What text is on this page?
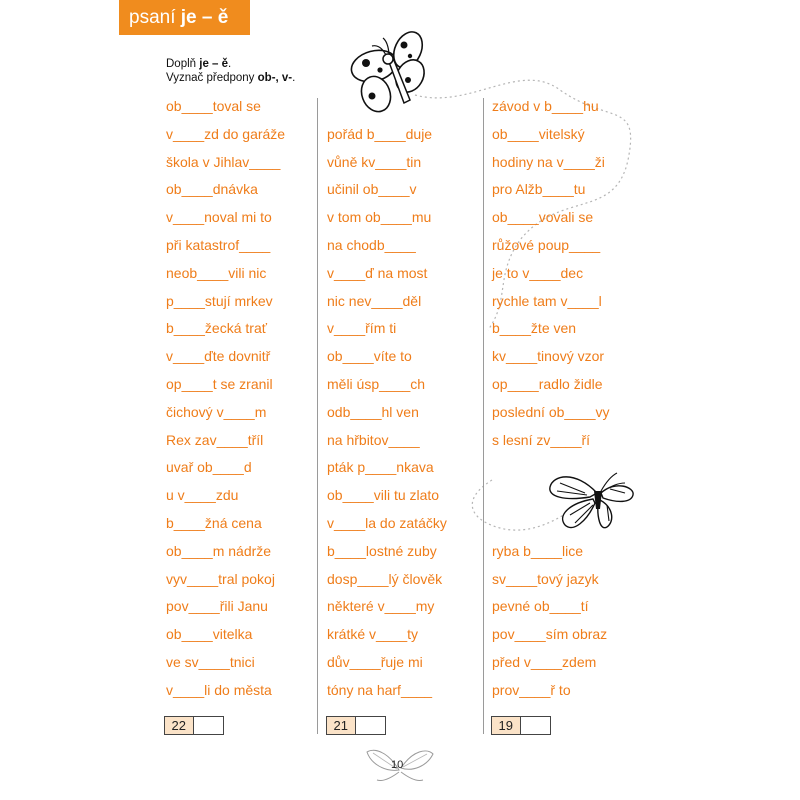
psaní je – ě
Doplň je – ě.
Vyznač předpony ob-, v-.
ob____toval se
v____zd do garáže
škola v Jihlav____
ob____dnávka
v____noval mi to
při katastrof____
neob____vili nic
p____stují mrkev
b____žecká trať
v____ďte dovnitř
op____t se zranil
čichový v____m
Rex zav____tříl
uvař ob____d
u v____zdu
b____žná cena
ob____m nádrže
vyv____tral pokoj
pov____řili Janu
ob____vitelka
ve sv____tnici
v____li do města
pořád b____duje
vůně kv____tin
učinil ob____v
v tom ob____mu
na chodb____
v____ď na most
nic nev____děl
v____řím ti
ob____víte to
měli úsp____ch
odb____hl ven
na hřbitov____
pták p____nkava
ob____vili tu zlato
v____la do zatáčky
b____lostné zuby
dosp____lý člověk
některé v____my
krátké v____ty
dův____řuje mi
tóny na harf____
závod v b____hu
ob____vitelský
hodiny na v____ži
pro Alžb____tu
ob____vovali se
růžové poup____
je to v____dec
rychle tam v____l
b____žte ven
kv____tinový vzor
op____radlo židle
poslední ob____vy
s lesní zv____ří
ryba b____lice
sv____tový jazyk
pevné ob____tí
pov____sím obraz
před v____zdem
prov____ř to
22	21	19
10
